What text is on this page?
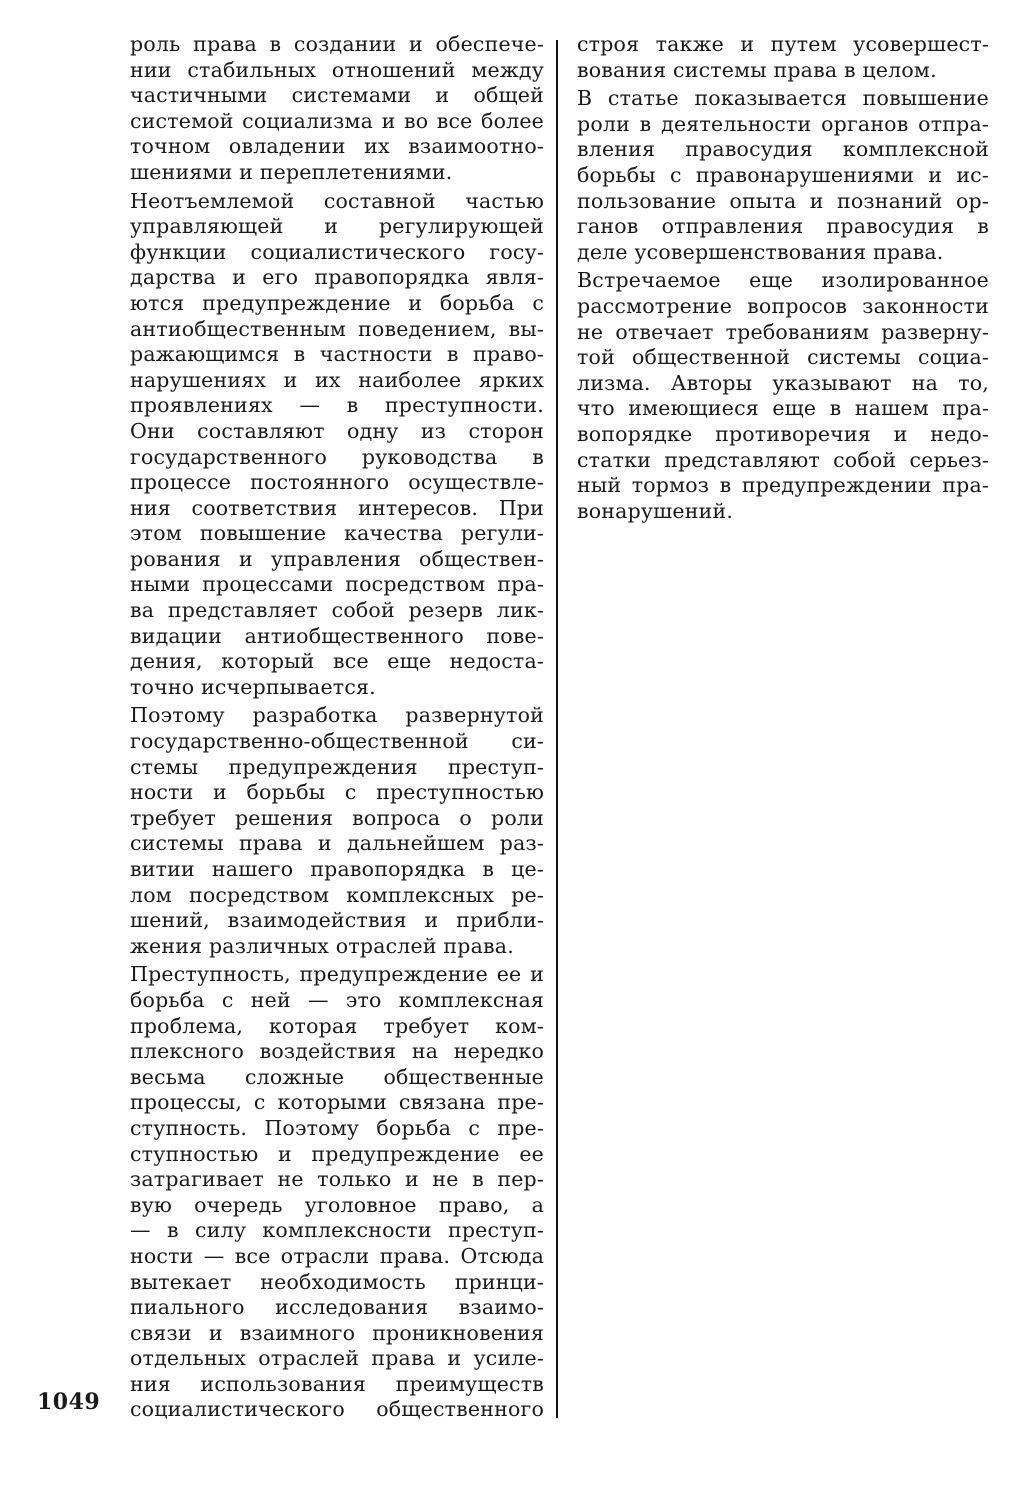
роль права в создании и обеспече-
нии стабильных отношений между
частичными системами и общей
системой социализма и во все более
точном овладении их взаимоотно-
шениями и переплетениями.
Неотъемлемой составной частью
управляющей и регулирующей
функции социалистического госу-
дарства и его правопорядка явля-
ются предупреждение и борьба с
антиобщественным поведением, вы-
ражающимся в частности в право-
нарушениях и их наиболее ярких
проявлениях — в преступности.
Они составляют одну из сторон
государственного руководства в
процессе постоянного осуществле-
ния соответствия интересов. При
этом повышение качества регули-
рования и управления обществен-
ными процессами посредством пра-
ва представляет собой резерв лик-
видации антиобщественного пове-
дения, который все еще недоста-
точно исчерпывается.
Поэтому разработка развернутой
государственно-общественной си-
стемы предупреждения преступ-
ности и борьбы с преступностью
требует решения вопроса о роли
системы права и дальнейшем раз-
витии нашего правопорядка в це-
лом посредством комплексных ре-
шений, взаимодействия и прибли-
жения различных отраслей права.
Преступность, предупреждение ее и
борьба с ней — это комплексная
проблема, которая требует ком-
плексного воздействия на нередко
весьма сложные общественные
процессы, с которыми связана пре-
ступность. Поэтому борьба с пре-
ступностью и предупреждение ее
затрагивает не только и не в пер-
вую очередь уголовное право, а
— в силу комплексности преступ-
ности — все отрасли права. Отсюда
вытекает необходимость принци-
пиального исследования взаимо-
связи и взаимного проникновения
отдельных отраслей права и усиле-
ния использования преимуществ
социалистического общественного
строя также и путем усовершест-
вования системы права в целом.
В статье показывается повышение
роли в деятельности органов отпра-
вления правосудия комплексной
борьбы с правонарушениями и ис-
пользование опыта и познаний ор-
ганов отправления правосудия в
деле усовершенствования права.
Встречаемое еще изолированное
рассмотрение вопросов законности
не отвечает требованиям разверну-
той общественной системы социа-
лизма. Авторы указывают на то,
что имеющиеся еще в нашем пра-
вопорядке противоречия и недо-
статки представляют собой серьез-
ный тормоз в предупреждении пра-
вонарушений.
1049
